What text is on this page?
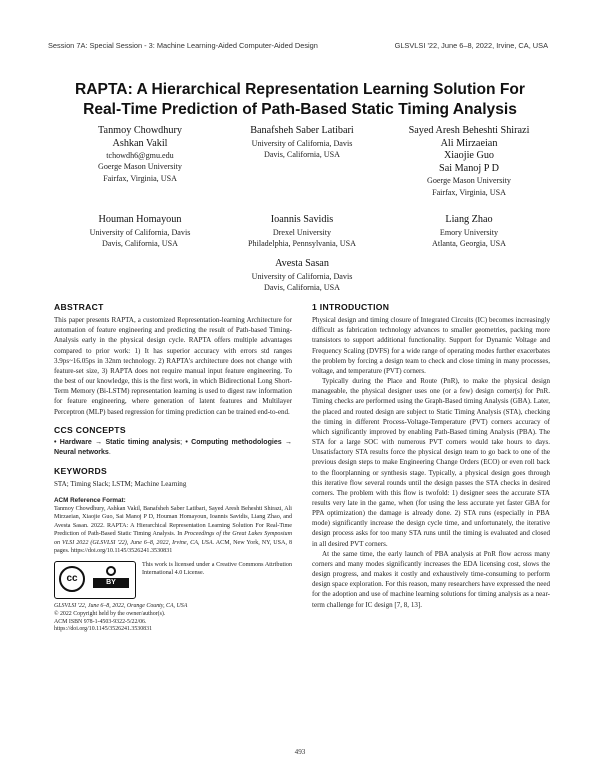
Session 7A: Special Session - 3: Machine Learning-Aided Computer-Aided Design	GLSVLSI '22, June 6–8, 2022, Irvine, CA, USA
RAPTA: A Hierarchical Representation Learning Solution For
Real-Time Prediction of Path-Based Static Timing Analysis
Tanmoy Chowdhury
Ashkan Vakil
tchowdh6@gmu.edu
Goerge Mason University
Fairfax, Virginia, USA
Banafsheh Saber Latibari
University of California, Davis
Davis, California, USA
Sayed Aresh Beheshti Shirazi
Ali Mirzaeian
Xiaojie Guo
Sai Manoj P D
Goerge Mason University
Fairfax, Virginia, USA
Houman Homayoun
University of California, Davis
Davis, California, USA
Ioannis Savidis
Drexel University
Philadelphia, Pennsylvania, USA
Liang Zhao
Emory University
Atlanta, Georgia, USA
Avesta Sasan
University of California, Davis
Davis, California, USA
ABSTRACT

This paper presents RAPTA, a customized Representation-learning Architecture for automation of feature engineering and predicting the result of Path-based Timing-Analysis early in the physical design cycle. RAPTA offers multiple advantages compared to prior work: 1) It has superior accuracy with errors std ranges 3.9ps~16.05ps in 32nm technology. 2) RAPTA's architecture does not change with feature-set size, 3) RAPTA does not require manual input feature engineering. To the best of our knowledge, this is the first work, in which Bidirectional Long Short-Term Memory (Bi-LSTM) representation learning is used to digest raw information for feature engineering, where generation of latent features and Multilayer Perceptron (MLP) based regression for timing prediction can be trained end-to-end.

CCS CONCEPTS

• Hardware → Static timing analysis; • Computing methodologies → Neural networks.

KEYWORDS

STA; Timing Slack; LSTM; Machine Learning

ACM Reference Format:
Tanmoy Chowdhury, Ashkan Vakil, Banafsheh Saber Latibari, Sayed Aresh Beheshti Shirazi, Ali Mirzaeian, Xiaojie Guo, Sai Manoj P D, Houman Homayoun, Ioannis Savidis, Liang Zhao, and Avesta Sasan. 2022. RAPTA: A Hierarchical Representation Learning Solution For Real-Time Prediction of Path-Based Static Timing Analysis. In Proceedings of the Great Lakes Symposium on VLSI 2022 (GLSVLSI '22), June 6–8, 2022, Irvine, CA, USA. ACM, New York, NY, USA, 8 pages. https://doi.org/10.1145/3526241.3530831
cc	BY
This work is licensed under a Creative Commons Attribution International 4.0 License.
GLSVLSI '22, June 6–8, 2022, Orange County, CA, USA
© 2022 Copyright held by the owner/author(s).
ACM ISBN 978-1-4503-9322-5/22/06.
https://doi.org/10.1145/3526241.3530831
1 INTRODUCTION

Physical design and timing closure of Integrated Circuits (IC) becomes increasingly difficult as fabrication technology advances to smaller geometries, packing more transistors to support additional functionality. Support for Dynamic Voltage and Frequency Scaling (DVFS) for a wide range of operating modes further exacerbates the problem by forcing a design team to check and close timing in many processes, voltage, and temperature (PVT) corners.

Typically during the Place and Route (PnR), to make the physical design manageable, the physical designer uses one (or a few) design corner(s) for PnR. Timing checks are performed using the Graph-Based timing Analysis (GBA). Later, the placed and routed design are subject to Static Timing Analysis (STA), checking the timing in different Process-Voltage-Temperature (PVT) corners accuracy of which significantly improved by enabling Path-Based timing Analysis (PBA). The STA for a large SOC with numerous PVT corners would take hours to days. Unsatisfactory STA results force the physical design team to go back to one of the previous design steps to make Engineering Change Orders (ECO) or even roll back to the floorplanning or synthesis stage. Typically, a physical design goes through this iterative flow several rounds until the design passes the STA checks in desired corners. The problem with this flow is twofold: 1) designer sees the accurate STA results very late in the game, when (for using the less accurate yet faster GBA for PPA optimization) the damage is already done. 2) STA runs (especially in PBA mode) significantly increase the design cycle time, and unfortunately, the iterative design process asks for too many STA runs until the timing is evaluated and closed in all desired PVT corners.

At the same time, the early launch of PBA analysis at PnR flow across many corners and many modes significantly increases the EDA licensing cost, slows the design progress, and makes it costly and exhaustively time-consuming to perform design space exploration. For this reason, many researchers have expressed the need for the adoption and use of machine learning solutions for timing analysis as a near-term challenge for IC design [7, 8, 13].

493
